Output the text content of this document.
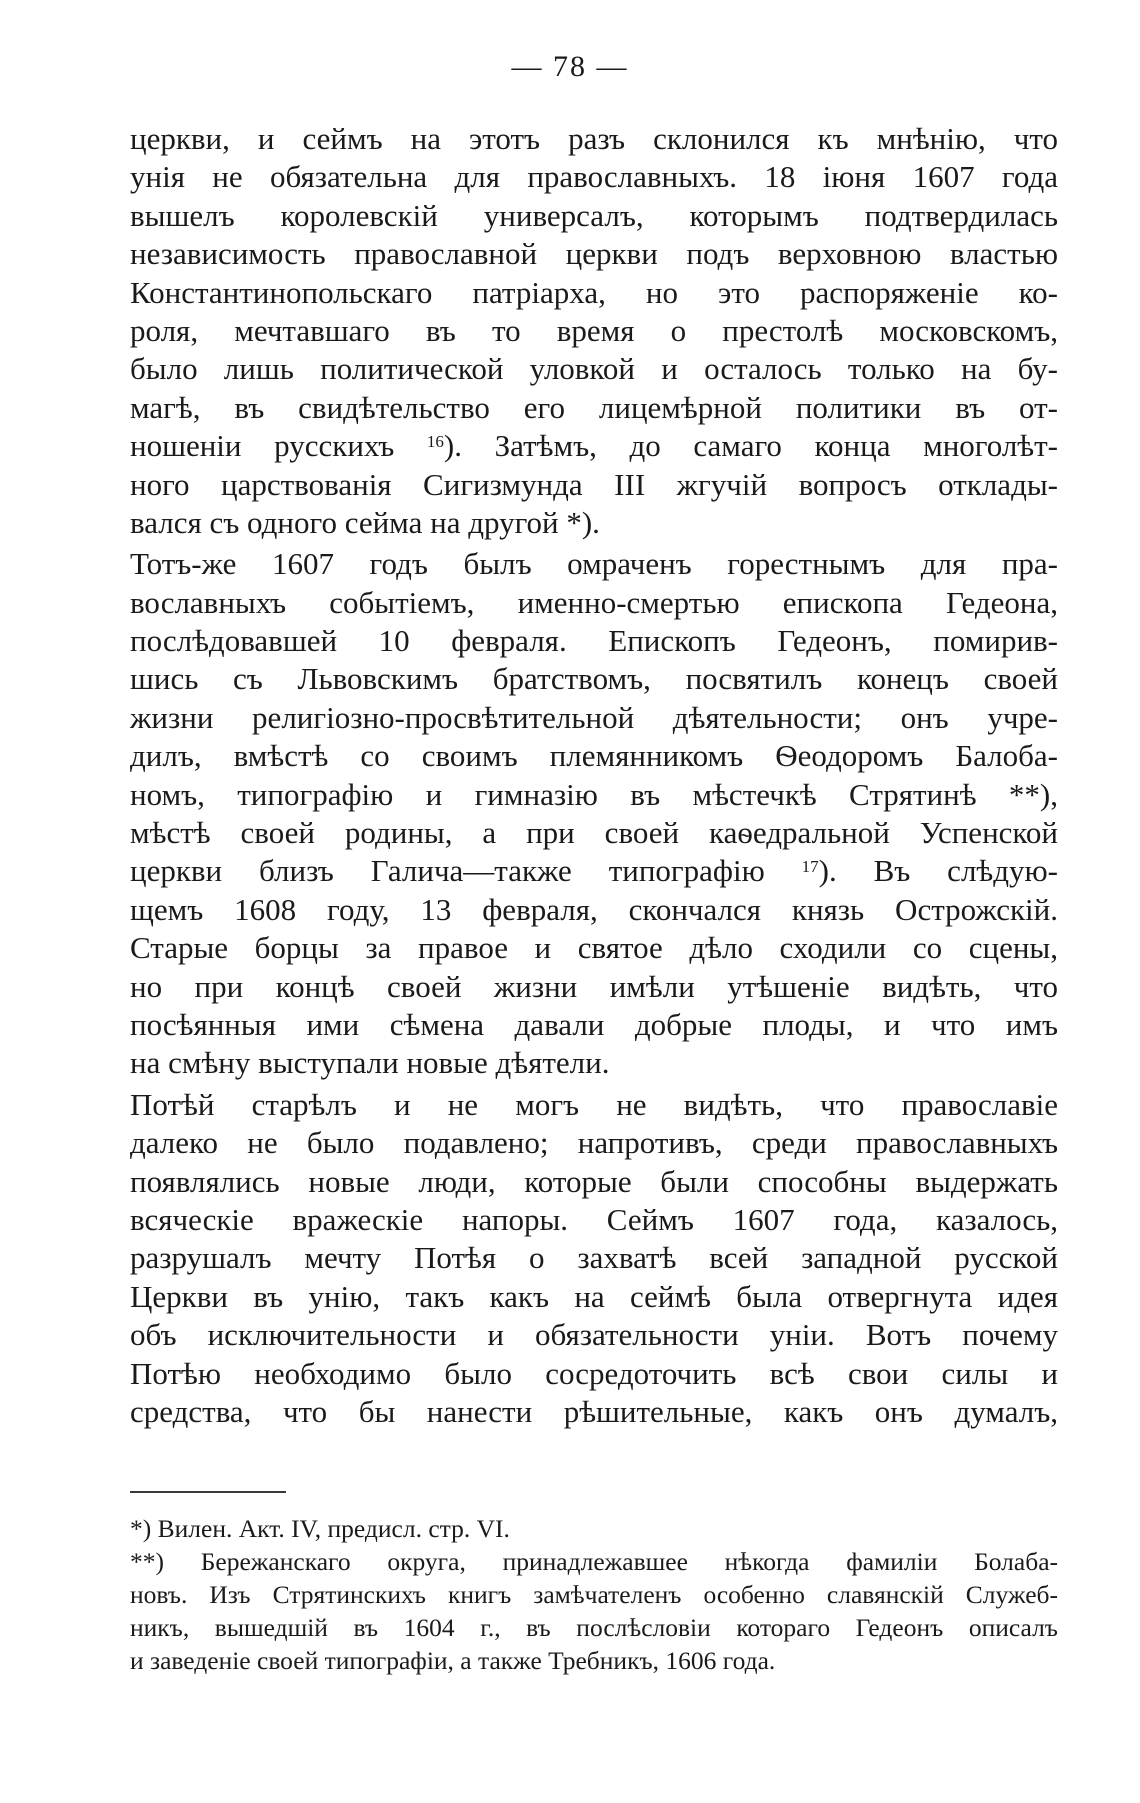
— 78 —
церкви, и сеймъ на этотъ разъ склонился къ мнѣнію, что
унія не обязательна для православныхъ. 18 іюня 1607 года
вышелъ королевскій универсалъ, которымъ подтвердилась
независимость православной церкви подъ верховною властью
Константинопольскаго патріарха, но это распоряженіе ко-
роля, мечтавшаго въ то время о престолѣ московскомъ,
было лишь политической уловкой и осталось только на бу-
магѣ, въ свидѣтельство его лицемѣрной политики въ от-
ношеніи русскихъ $^{16}$). Затѣмъ, до самаго конца многолѣт-
ного царствованія Сигизмунда III жгучій вопросъ отклады-
вался съ одного сейма на другой *).
Тотъ-же 1607 годъ былъ омраченъ горестнымъ для пра-
вославныхъ событіемъ, именно-смертью епископа Гедеона,
послѣдовавшей 10 февраля. Епископъ Гедеонъ, помирив-
шись съ Львовскимъ братствомъ, посвятилъ конецъ своей
жизни религіозно-просвѣтительной дѣятельности; онъ учре-
дилъ, вмѣстѣ со своимъ племянникомъ Ѳеодоромъ Балоба-
номъ, типографію и гимназію въ мѣстечкѣ Стрятинѣ **),
мѣстѣ своей родины, а при своей каѳедральной Успенской
церкви близъ Галича—также типографію $^{17}$). Въ слѣдую-
щемъ 1608 году, 13 февраля, скончался князь Острожскій.
Старые борцы за правое и святое дѣло сходили со сцены,
но при концѣ своей жизни имѣли утѣшеніе видѣть, что
посѣянныя ими сѣмена давали добрые плоды, и что имъ
на смѣну выступали новые дѣятели.
Потѣй старѣлъ и не могъ не видѣть, что православіе
далеко не было подавлено; напротивъ, среди православныхъ
появлялись новые люди, которые были способны выдержать
всяческіе вражескіе напоры. Сеймъ 1607 года, казалось,
разрушалъ мечту Потѣя о захватѣ всей западной русской
Церкви въ унію, такъ какъ на сеймѣ была отвергнута идея
объ исключительности и обязательности уніи. Вотъ почему
Потѣю необходимо было сосредоточить всѣ свои силы и
средства, что бы нанести рѣшительные, какъ онъ думалъ,
*) Вилен. Акт. IV, предисл. стр. VI.
**) Бережанскаго округа, принадлежавшее нѣкогда фамиліи Болаба-
новъ. Изъ Стрятинскихъ книгъ замѣчателенъ особенно славянскій Служеб-
никъ, вышедшій въ 1604 г., въ послѣсловіи котораго Гедеонъ описалъ
и заведеніе своей типографіи, а также Требникъ, 1606 года.
